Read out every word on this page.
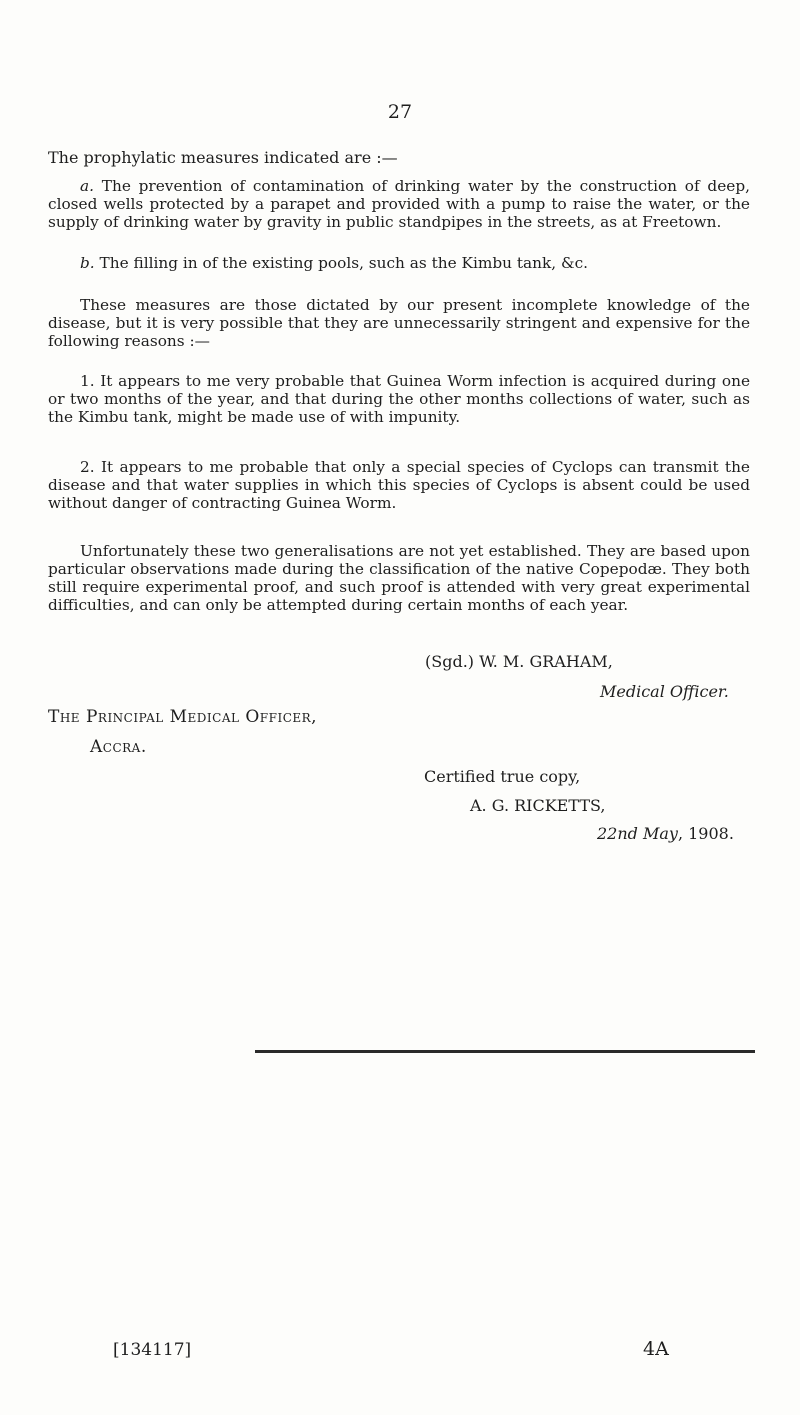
27
The prophylatic measures indicated are :—

a. The prevention of contamination of drinking water by the construction of deep, closed wells protected by a parapet and provided with a pump to raise the water, or the supply of drinking water by gravity in public standpipes in the streets, as at Freetown.

b. The filling in of the existing pools, such as the Kimbu tank, &c.

These measures are those dictated by our present incomplete knowledge of the disease, but it is very possible that they are unnecessarily stringent and expensive for the following reasons :—

1. It appears to me very probable that Guinea Worm infection is acquired during one or two months of the year, and that during the other months collections of water, such as the Kimbu tank, might be made use of with impunity.

2. It appears to me probable that only a special species of Cyclops can transmit the disease and that water supplies in which this species of Cyclops is absent could be used without danger of contracting Guinea Worm.

Unfortunately these two generalisations are not yet established. They are based upon particular observations made during the classification of the native Copepodæ. They both still require experimental proof, and such proof is attended with very great experimental difficulties, and can only be attempted during certain months of each year.

(Sgd.) W. M. GRAHAM,
Medical Officer.
The Principal Medical Officer,
Accra.
Certified true copy,
A. G. RICKETTS,
22nd May, 1908.
[134117]	4A
